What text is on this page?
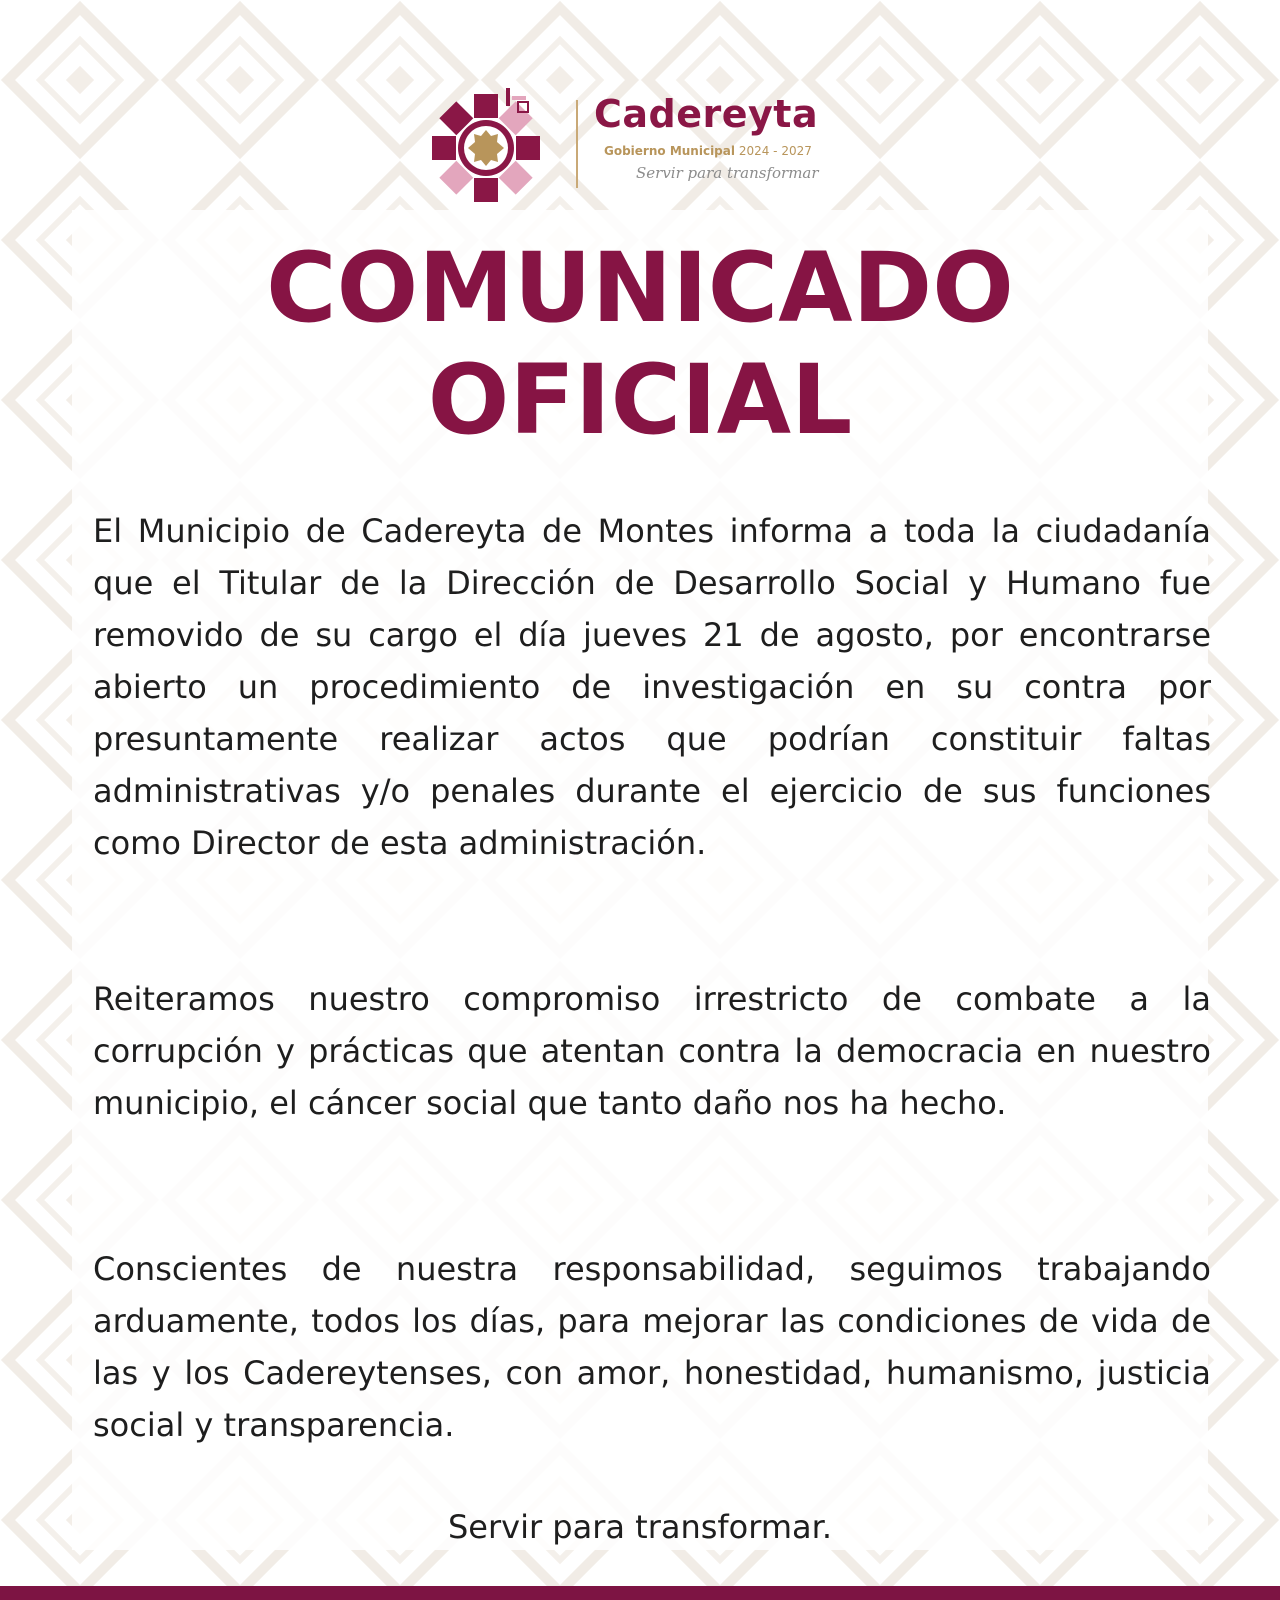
Cadereyta
Gobierno Municipal 2024 - 2027
Servir para transformar
COMUNICADO
OFICIAL

El Municipio de Cadereyta de Montes informa a toda la ciudadanía que el Titular de la Dirección de Desarrollo Social y Humano fue removido de su cargo el día jueves 21 de agosto, por encontrarse abierto un procedimiento de investigación en su contra por presuntamente realizar actos que podrían constituir faltas administrativas y/o penales durante el ejercicio de sus funciones como Director de esta administración.

Reiteramos nuestro compromiso irrestricto de combate a la corrupción y prácticas que atentan contra la democracia en nuestro municipio, el cáncer social que tanto daño nos ha hecho.

Conscientes de nuestra responsabilidad, seguimos trabajando arduamente, todos los días, para mejorar las condiciones de vida de las y los Cadereytenses, con amor, honestidad, humanismo, justicia social y transparencia.

Servir para transformar.
